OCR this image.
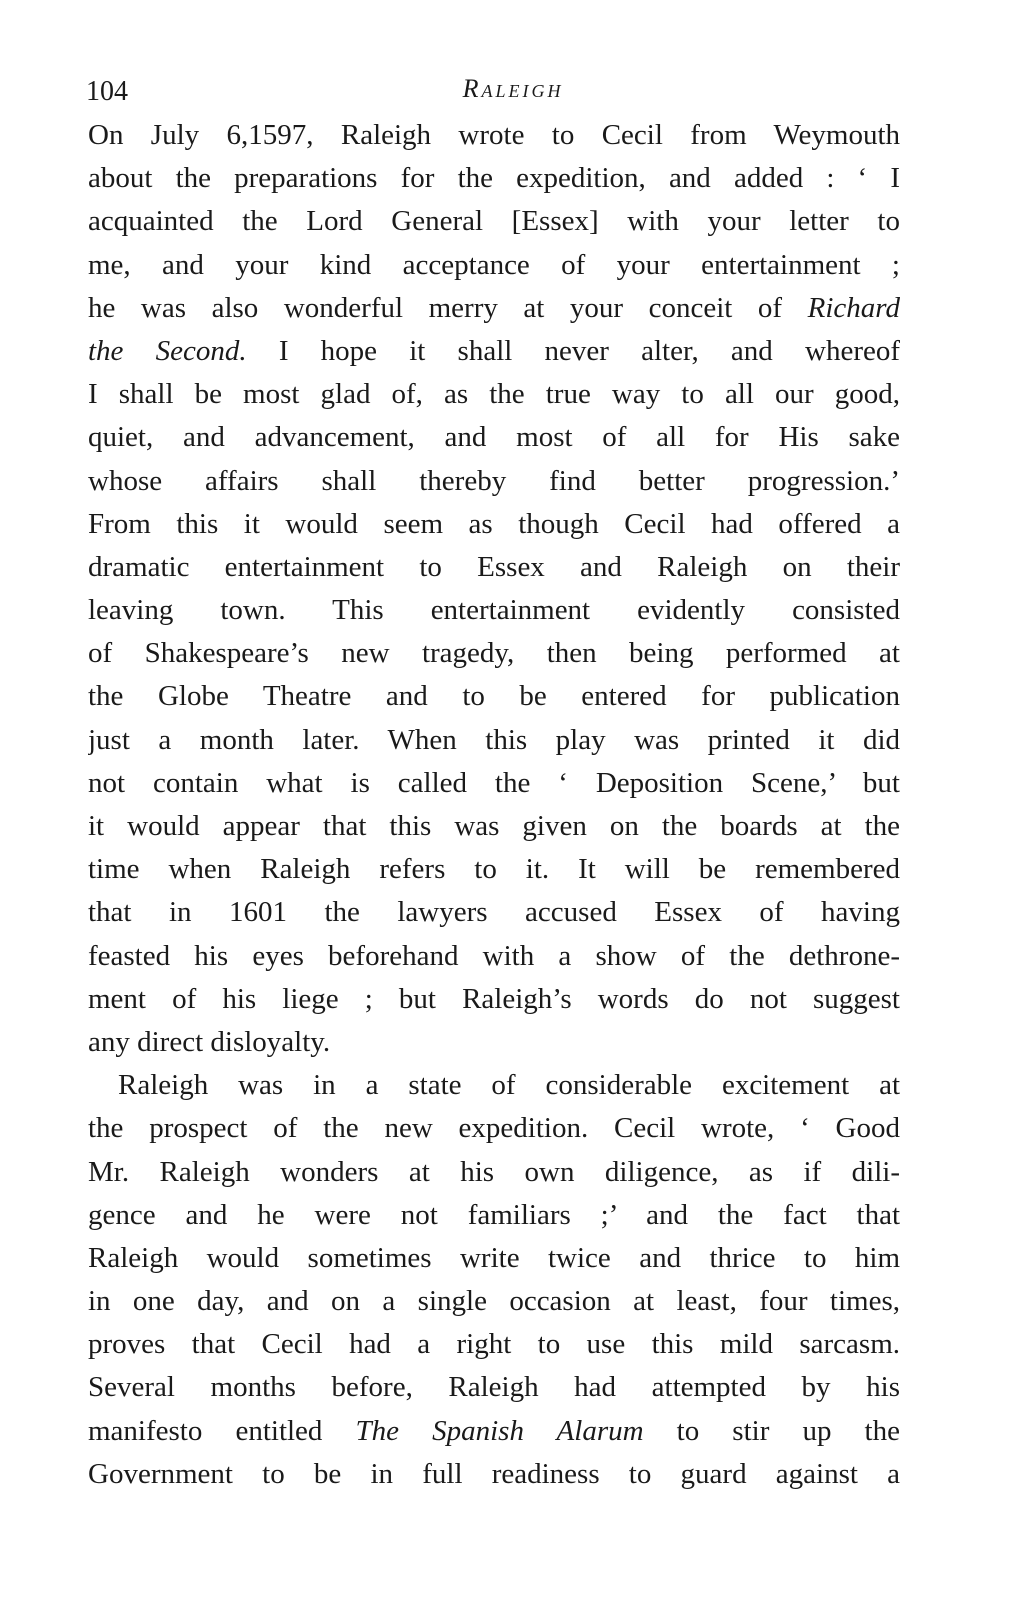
104	Raleigh
On July 6,1597, Raleigh wrote to Cecil from Weymouth
about the preparations for the expedition, and added : ‘ I
acquainted the Lord General [Essex] with your letter to
me, and your kind acceptance of your entertainment ;
he was also wonderful merry at your conceit of Richard
the Second. I hope it shall never alter, and whereof
I shall be most glad of, as the true way to all our good,
quiet, and advancement, and most of all for His sake
whose affairs shall thereby find better progression.’
From this it would seem as though Cecil had offered a
dramatic entertainment to Essex and Raleigh on their
leaving town. This entertainment evidently consisted
of Shakespeare’s new tragedy, then being performed at
the Globe Theatre and to be entered for publication
just a month later. When this play was printed it did
not contain what is called the ‘ Deposition Scene,’ but
it would appear that this was given on the boards at the
time when Raleigh refers to it. It will be remembered
that in 1601 the lawyers accused Essex of having
feasted his eyes beforehand with a show of the dethrone-
ment of his liege ; but Raleigh’s words do not suggest
any direct disloyalty.
Raleigh was in a state of considerable excitement at
the prospect of the new expedition. Cecil wrote, ‘ Good
Mr. Raleigh wonders at his own diligence, as if dili-
gence and he were not familiars ;’ and the fact that
Raleigh would sometimes write twice and thrice to him
in one day, and on a single occasion at least, four times,
proves that Cecil had a right to use this mild sarcasm.
Several months before, Raleigh had attempted by his
manifesto entitled The Spanish Alarum to stir up the
Government to be in full readiness to guard against a
